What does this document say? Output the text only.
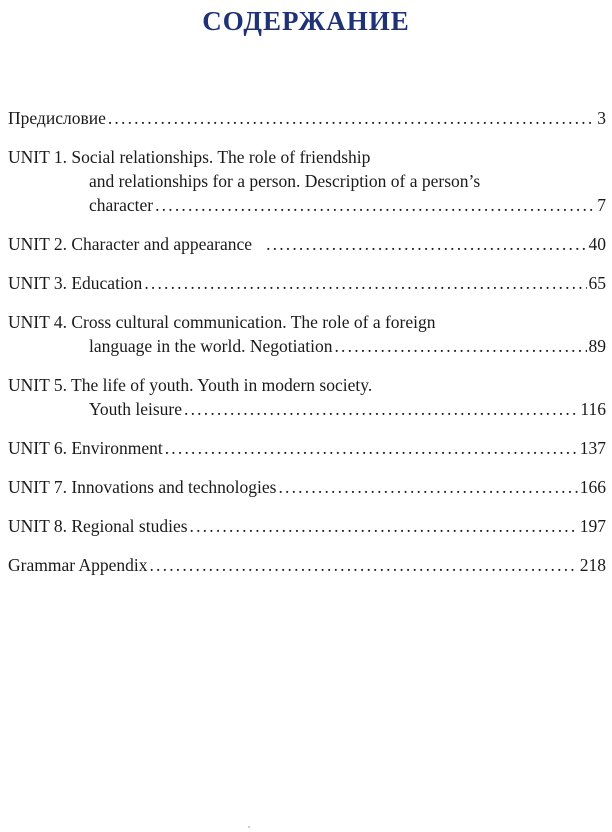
СОДЕРЖАНИЕ
Предисловие .....	3
UNIT 1. Social relationships. The role of friendship
and relationships for a person. Description of a person’s
character .....	7
UNIT 2. Character and appearance .....	40
UNIT 3. Education .....	65
UNIT 4. Cross cultural communication. The role of a foreign
language in the world. Negotiation .....	89
UNIT 5. The life of youth. Youth in modern society.
Youth leisure .....	116
UNIT 6. Environment .....	137
UNIT 7. Innovations and technologies .....	166
UNIT 8. Regional studies .....	197
Grammar Appendix .....	218
